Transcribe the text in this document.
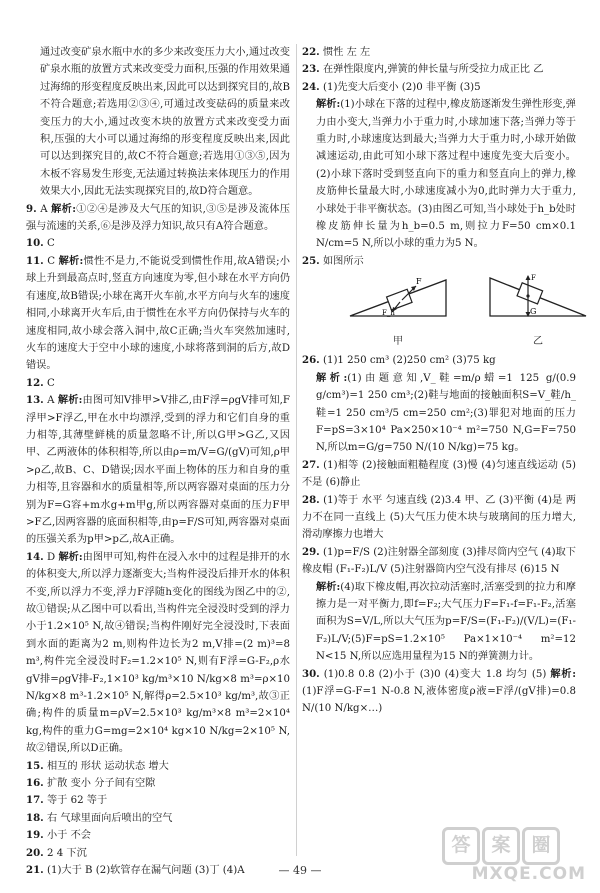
通过改变矿泉水瓶中水的多少来改变压力大小,通过改变矿泉水瓶的放置方式来改变受力面积,压强的作用效果通过海绵的形变程度反映出来,因此可以达到探究目的,故B不符合题意;若选用②③④,可通过改变砝码的质量来改变压力的大小,通过改变木块的放置方式来改变受力面积,压强的大小可以通过海绵的形变程度反映出来,因此可以达到探究目的,故C不符合题意;若选用①③⑤,因为木板不容易发生形变,无法通过转换法来体现压力的作用效果大小,因此无法实现探究目的,故D符合题意。

9. A 解析:①②④是涉及大气压的知识,③⑤是涉及流体压强与流速的关系,⑥是涉及浮力知识,故只有A符合题意。

10. C

11. C 解析:惯性不是力,不能说受到惯性作用,故A错误;小球上升到最高点时,竖直方向速度为零,但小球在水平方向仍有速度,故B错误;小球在离开火车前,水平方向与火车的速度相同,小球离开火车后,由于惯性在水平方向仍保持与火车的速度相同,故小球会落入洞中,故C正确;当火车突然加速时,火车的速度大于空中小球的速度,小球将落到洞的后方,故D错误。

12. C

13. A 解析:由图可知V排甲>V排乙,由F浮=ρgV排可知,F浮甲>F浮乙,甲在水中均漂浮,受到的浮力和它们自身的重力相等,其薄壁鲜桃的质量忽略不计,所以G甲>G乙,又因甲、乙两液体的体积相等,所以由ρ=m/V=G/(gV)可知,ρ甲>ρ乙,故B、C、D错误;因水平面上物体的压力和自身的重力相等,且容器和水的质量相等,所以两容器对桌面的压力分别为F=G容+m水g+m甲g,所以两容器对桌面的压力F甲>F乙,因两容器的底面积相等,由p=F/S可知,两容器对桌面的压强关系为p甲>p乙,故A正确。

14. D 解析:由图甲可知,构件在浸入水中的过程是排开的水的体积变大,所以浮力逐渐变大;当构件浸没后排开水的体积不变,所以浮力不变,浮力F浮随h变化的图线为图乙中的②,故①错误;从乙图中可以看出,当构件完全浸没时受到的浮力小于1.2×10⁵ N,故④错误;当构件刚好完全浸没时,下表面到水面的距离为2 m,则构件边长为2 m,V排=(2 m)³=8 m³,构件完全浸没时F₂=1.2×10⁵ N,则有F浮=G-F₂,ρ水gV排=ρgV排-F₂,1×10³ kg/m³×10 N/kg×8 m³=ρ×10 N/kg×8 m³-1.2×10⁵ N,解得ρ=2.5×10³ kg/m³,故③正确;构件的质量m=ρV=2.5×10³ kg/m³×8 m³=2×10⁴ kg,构件的重力G=mg=2×10⁴ kg×10 N/kg=2×10⁵ N,故②错误,所以D正确。

15. 相互的 形状 运动状态 增大

16. 扩散 变小 分子间有空隙

17. 等于 62 等于

18. 右 气球里面向后喷出的空气

19. 小于 不会

20. 2 4 下沉

21. (1)大于 B (2)软管存在漏气问题 (3)丁 (4)A

22. 惯性 左 左

23. 在弹性限度内,弹簧的伸长量与所受拉力成正比 乙

24. (1)先变大后变小 (2)0 非平衡 (3)5

解析:(1)小球在下落的过程中,橡皮筋逐渐发生弹性形变,弹力由小变大,当弹力小于重力时,小球加速下落;当弹力等于重力时,小球速度达到最大;当弹力大于重力时,小球开始做减速运动,由此可知小球下落过程中速度先变大后变小。(2)小球下落时受到竖直向下的重力和竖直向上的弹力,橡皮筋伸长量最大时,小球速度减小为0,此时弹力大于重力,小球处于非平衡状态。(3)由图乙可知,当小球处于h_b处时橡皮筋伸长量为h_b=0.5 m,则拉力F=50 cm×0.1 N/cm=5 N,所以小球的重力为5 N。

25. 如图所示

F
F_h
甲
F
G
乙

26. (1)1 250 cm³ (2)250 cm² (3)75 kg

解析:(1)由题意知,V_鞋=m/ρ蜡=1 125 g/(0.9 g/cm³)=1 250 cm³;(2)鞋与地面的接触面积S=V_鞋/h_鞋=1 250 cm³/5 cm=250 cm²;(3)罪犯对地面的压力F=pS=3×10⁴ Pa×250×10⁻⁴ m²=750 N,G=F=750 N,所以m=G/g=750 N/(10 N/kg)=75 kg。

27. (1)相等 (2)接触面粗糙程度 (3)慢 (4)匀速直线运动 (5)不是 (6)静止

28. (1)等于 水平 匀速直线 (2)3.4 甲、乙 (3)平衡 (4)是 两力不在同一直线上 (5)大气压力使木块与玻璃间的压力增大,滑动摩擦力也增大

29. (1)p=F/S (2)注射器全部刻度 (3)排尽筒内空气 (4)取下橡皮帽 (F₁-F₂)L/V (5)注射器筒内空气没有排尽 (6)15 N

解析:(4)取下橡皮帽,再次拉动活塞时,活塞受到的拉力和摩擦力是一对平衡力,即f=F₂;大气压力F=F₁-f=F₁-F₂,活塞面积为S=V/L,所以大气压为p=F/S=(F₁-F₂)/(V/L)=(F₁-F₂)L/V;(5)F=pS=1.2×10⁵ Pa×1×10⁻⁴ m²=12 N<15 N,所以应选用量程为15 N的弹簧测力计。

30. (1)0.8 0.8 (2)小于 (3)0 (4)变大 1.8 均匀 (5) 解析:(1)F浮=G-F=1 N-0.8 N,液体密度ρ液=F浮/(gV排)=0.8 N/(10 N/kg×…)

— 49 —
答	案	圈
MXQE.COM
